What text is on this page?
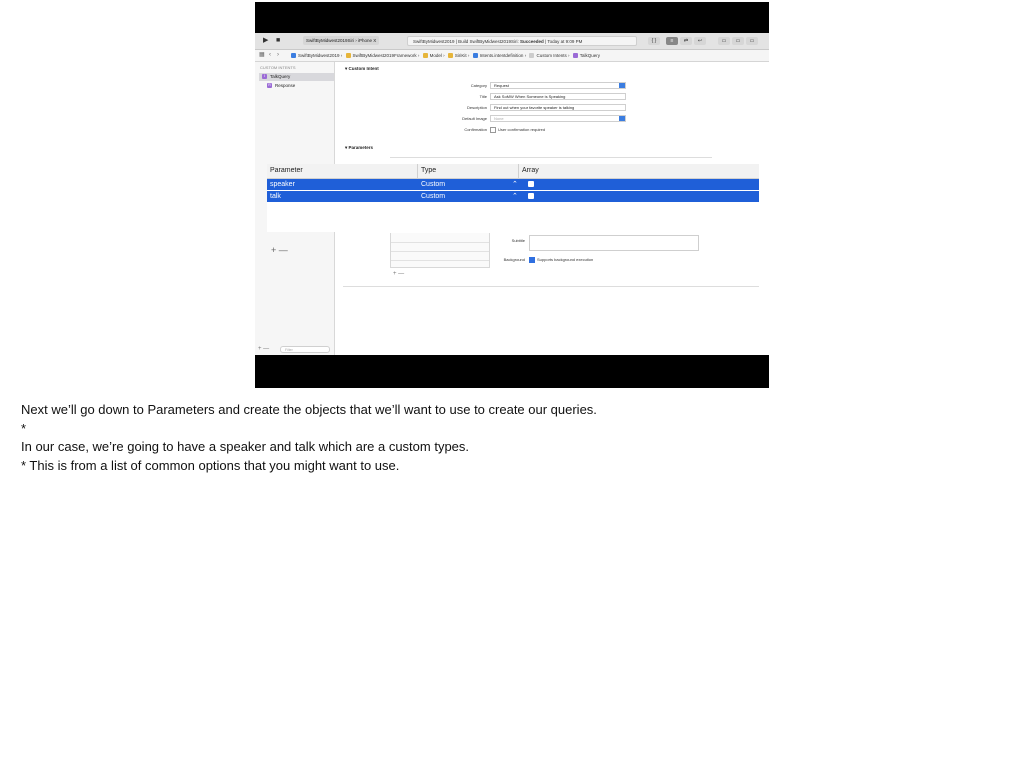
▶ ■	SwiftByMidwest2019Siri › iPhone X	SwiftByMidwest2019 | Build SwiftByMidwest2019Siri: Succeeded | Today at 9:09 PM	{ }	≡	⇄	↩	▭	▭	▭
▦ ‹ ›	SwiftByMidwest2019 › SwiftByMidwest2019Framework › Model › SiriKit › Intents.intentdefinition › Custom Intents › TalkQuery
CUSTOM INTENTS
I TalkQuery
R Response
+ —	Filter
▾ Custom Intent
Category	Request
Title	Ask SoMW When Someone is Speaking
Description	Find out when your favorite speaker is talking
Default Image	None
Confirmation	User confirmation required
▾ Parameters
Parameter	Type	Array
speaker	Custom	⌃
talk	Custom	⌃
+ —
+ —
Subtitle
Background	Supports background execution
Next we’ll go down to Parameters and create the objects that we’ll want to use to create our queries.
*
In our case, we’re going to have a speaker and talk which are a custom types.
* This is from a list of common options that you might want to use.
